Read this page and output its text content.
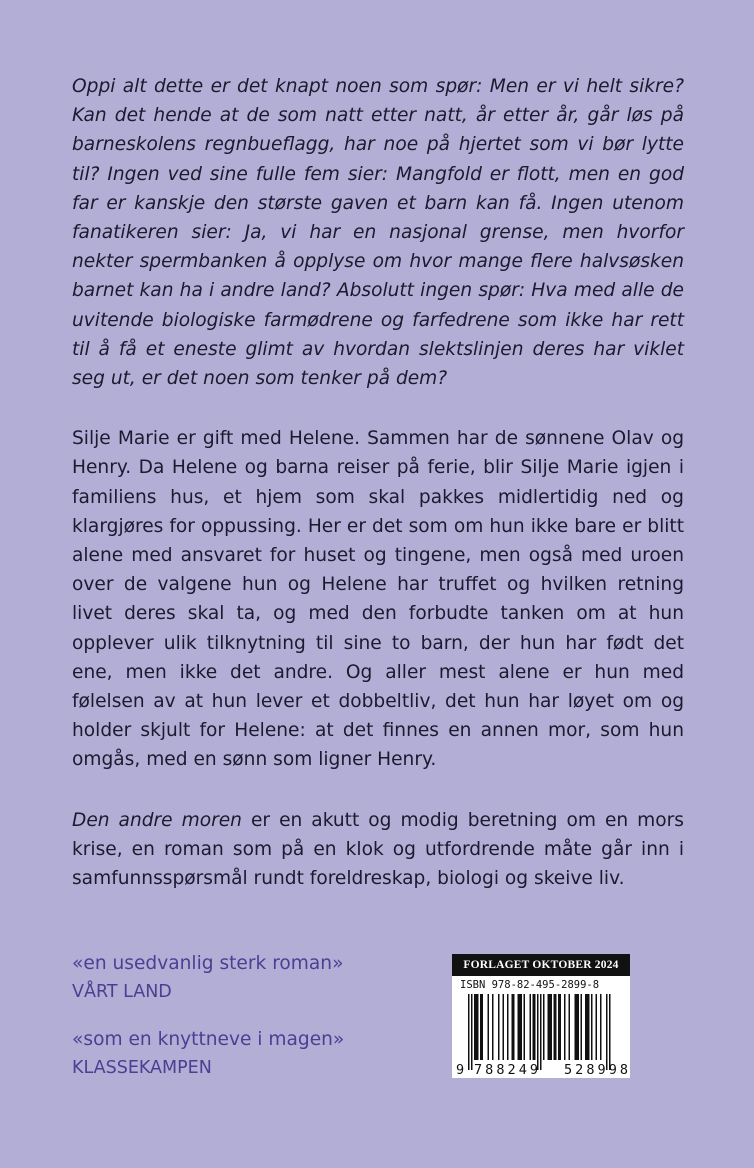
Oppi alt dette er det knapt noen som spør: Men er vi helt sikre? Kan det hende at de som natt etter natt, år etter år, går løs på barneskolens regnbueflagg, har noe på hjertet som vi bør lytte til? Ingen ved sine fulle fem sier: Mangfold er flott, men en god far er kanskje den største gaven et barn kan få. Ingen utenom fanatikeren sier: Ja, vi har en nasjonal grense, men hvorfor nekter spermbanken å opplyse om hvor mange flere halvsøsken barnet kan ha i andre land? Absolutt ingen spør: Hva med alle de uvitende biologiske farmødrene og farfedrene som ikke har rett til å få et eneste glimt av hvordan slektslinjen deres har viklet seg ut, er det noen som tenker på dem?

Silje Marie er gift med Helene. Sammen har de sønnene Olav og Henry. Da Helene og barna reiser på ferie, blir Silje Marie igjen i familiens hus, et hjem som skal pakkes midlertidig ned og klargjøres for oppussing. Her er det som om hun ikke bare er blitt alene med ansvaret for huset og tingene, men også med uroen over de valgene hun og Helene har truffet og hvilken retning livet deres skal ta, og med den forbudte tanken om at hun opplever ulik tilknytning til sine to barn, der hun har født det ene, men ikke det andre. Og aller mest alene er hun med følelsen av at hun lever et dobbeltliv, det hun har løyet om og holder skjult for Helene: at det finnes en annen mor, som hun omgås, med en sønn som ligner Henry.

Den andre moren er en akutt og modig beretning om en mors krise, en roman som på en klok og utfordrende måte går inn i samfunnsspørsmål rundt foreldreskap, biologi og skeive liv.

«en usedvanlig sterk roman»

VÅRT LAND

«som en knyttneve i magen»

KLASSEKAMPEN

FORLAGET OKTOBER 2024
ISBN 978-82-495-2899-8
9 788249 528998
